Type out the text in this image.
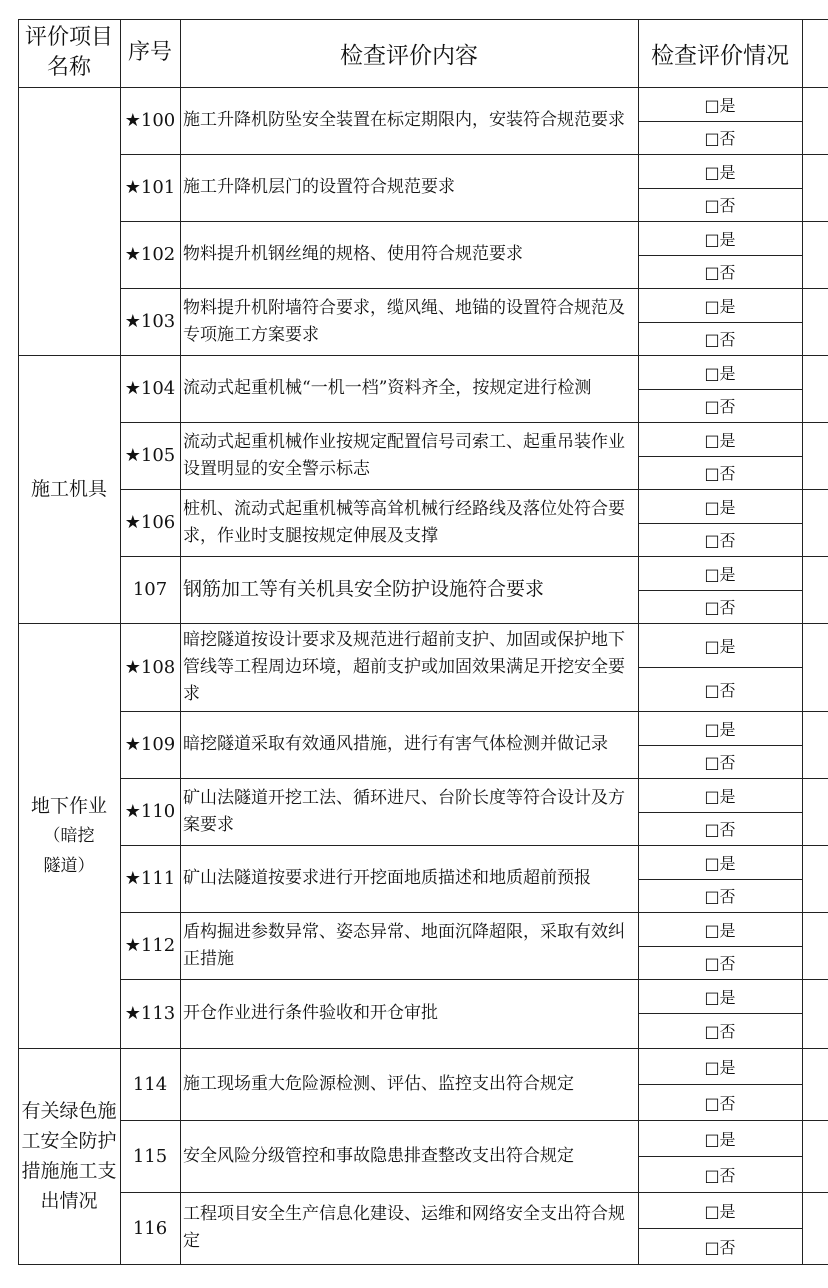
评价项目名称
序号	检查评价内容	检查评价情况
★100 施工升降机防坠安全装置在标定期限内，安装符合规范要求
□是
□否
★101 施工升降机层门的设置符合规范要求
□是
□否
★102 物料提升机钢丝绳的规格、使用符合规范要求
□是
□否
★103
物料提升机附墙符合要求，缆风绳、地锚的设置符合规范及专项施工方案要求
□是
□否
★104 流动式起重机械“一机一档”资料齐全，按规定进行检测
□是
□否
★105
流动式起重机械作业按规定配置信号司索工、起重吊装作业设置明显的安全警示标志
□是
□否
★106
桩机、流动式起重机械等高耸机械行经路线及落位处符合要求，作业时支腿按规定伸展及支撑
□是
□否
107 钢筋加工等有关机具安全防护设施符合要求
□是
□否
★108
暗挖隧道按设计要求及规范进行超前支护、加固或保护地下管线等工程周边环境，超前支护或加固效果满足开挖安全要求
□是
□否
★109 暗挖隧道采取有效通风措施，进行有害气体检测并做记录
□是
□否
★110
矿山法隧道开挖工法、循环进尺、台阶长度等符合设计及方案要求
□是
□否
★111 矿山法隧道按要求进行开挖面地质描述和地质超前预报
□是
□否
★112
盾构掘进参数异常、姿态异常、地面沉降超限，采取有效纠正措施
□是
□否
★113 开仓作业进行条件验收和开仓审批
□是
□否
114 施工现场重大危险源检测、评估、监控支出符合规定
□是
□否
115 安全风险分级管控和事故隐患排查整改支出符合规定
□是
□否
116
工程项目安全生产信息化建设、运维和网络安全支出符合规定
□是
□否
施工机具
地下作业
（暗挖隧道）
有关绿色施工安全防护措施施工支出情况
